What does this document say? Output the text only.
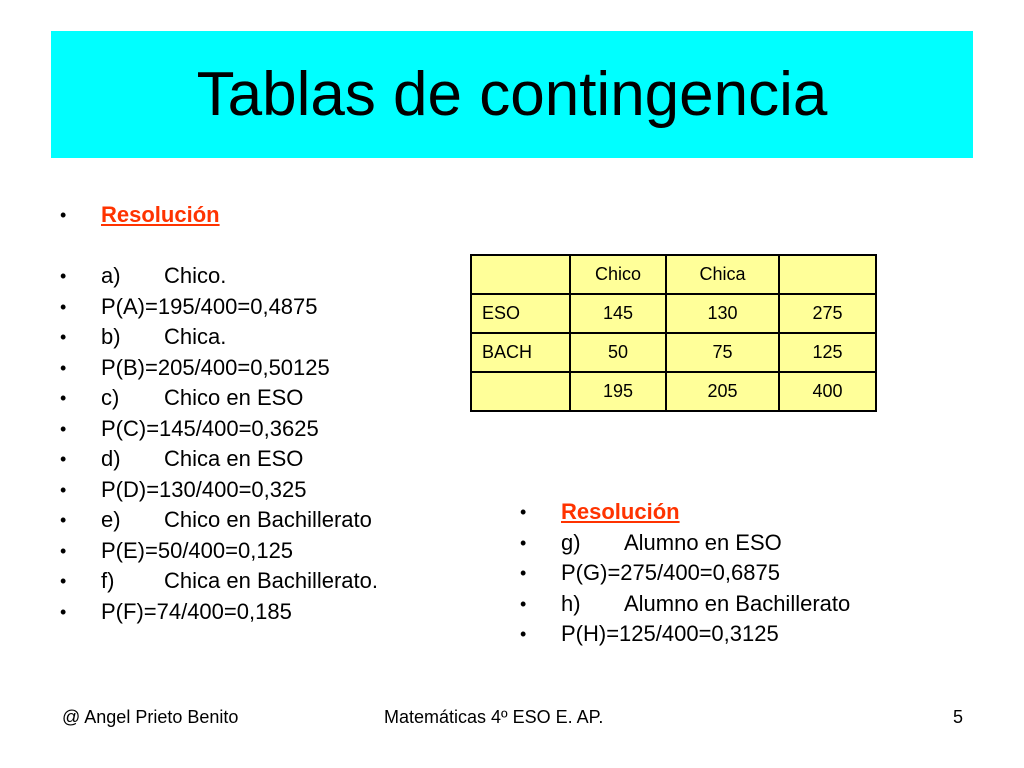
Tablas de contingencia
• Resolución
• a) Chico.
• P(A)=195/400=0,4875
• b) Chica.
• P(B)=205/400=0,50125
• c) Chico en ESO
• P(C)=145/400=0,3625
• d) Chica en ESO
• P(D)=130/400=0,325
• e) Chico en Bachillerato
• P(E)=50/400=0,125
• f) Chica en Bachillerato.
• P(F)=74/400=0,185
• Resolución
• g) Alumno en ESO
• P(G)=275/400=0,6875
• h) Alumno en Bachillerato
• P(H)=125/400=0,3125
	Chico	Chica	
ESO	145	130	275
BACH	50	75	125
	195	205	400
@ Angel Prieto Benito	Matemáticas 4º ESO E. AP.	5
